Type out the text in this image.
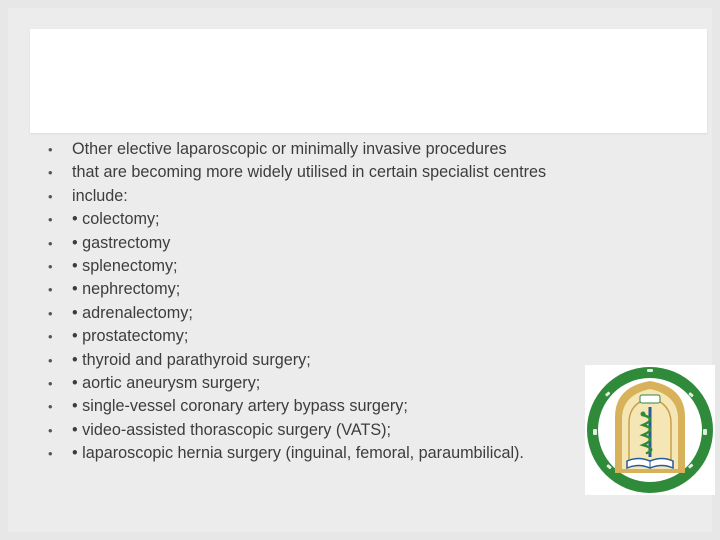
•	Other elective laparoscopic or minimally invasive procedures
•	that are becoming more widely utilised in certain specialist centres
•	include:
•	• colectomy;
•	• gastrectomy
•	• splenectomy;
•	• nephrectomy;
•	• adrenalectomy;
•	• prostatectomy;
•	• thyroid and parathyroid surgery;
•	• aortic aneurysm surgery;
•	• single-vessel coronary artery bypass surgery;
•	• video-assisted thorascopic surgery (VATS);
•	• laparoscopic hernia surgery (inguinal, femoral, paraumbilical).
